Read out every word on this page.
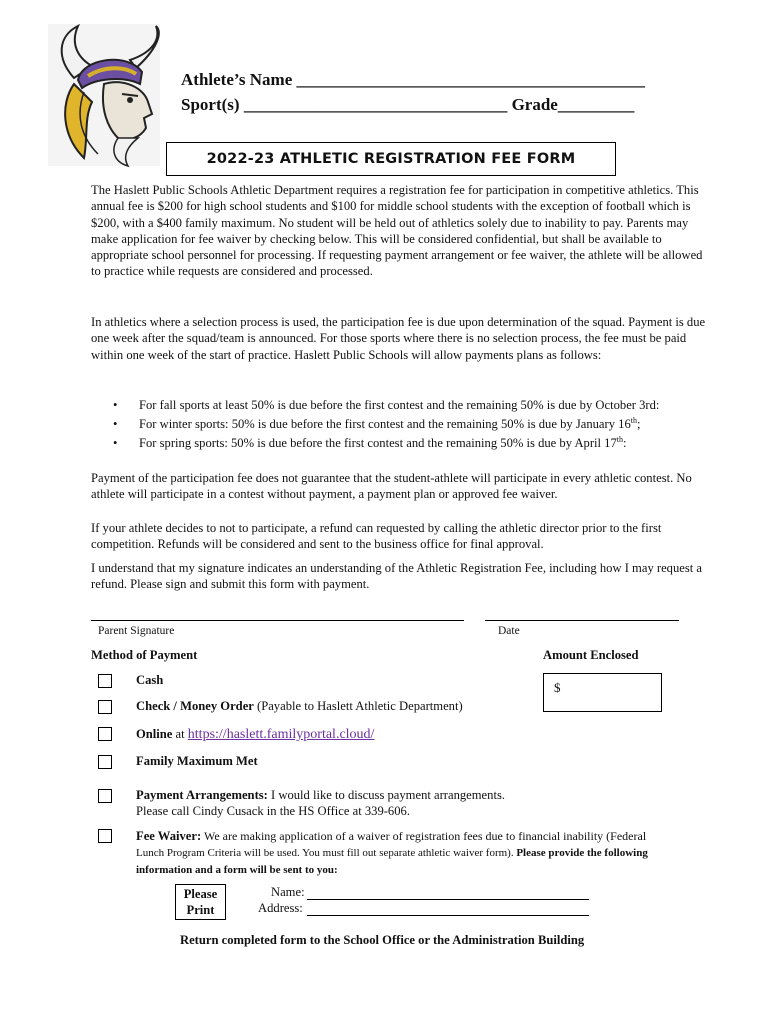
Athlete’s Name _________________________________________
Sport(s) _______________________________ Grade_________
2022-23 ATHLETIC REGISTRATION FEE FORM
The Haslett Public Schools Athletic Department requires a registration fee for participation in competitive athletics. This annual fee is $200 for high school students and $100 for middle school students with the exception of football which is $200, with a $400 family maximum. No student will be held out of athletics solely due to inability to pay. Parents may make application for fee waiver by checking below. This will be considered confidential, but shall be available to appropriate school personnel for processing. If requesting payment arrangement or fee waiver, the athlete will be allowed to practice while requests are considered and processed.
In athletics where a selection process is used, the participation fee is due upon determination of the squad. Payment is due one week after the squad/team is announced. For those sports where there is no selection process, the fee must be paid within one week of the start of practice. Haslett Public Schools will allow payments plans as follows:
• For fall sports at least 50% is due before the first contest and the remaining 50% is due by October 3rd:
• For winter sports: 50% is due before the first contest and the remaining 50% is due by January 16th;
• For spring sports: 50% is due before the first contest and the remaining 50% is due by April 17th:
Payment of the participation fee does not guarantee that the student-athlete will participate in every athletic contest. No athlete will participate in a contest without payment, a payment plan or approved fee waiver.
If your athlete decides to not to participate, a refund can requested by calling the athletic director prior to the first competition. Refunds will be considered and sent to the business office for final approval.
I understand that my signature indicates an understanding of the Athletic Registration Fee, including how I may request a refund. Please sign and submit this form with payment.
Parent Signature	Date
Method of Payment	Amount Enclosed
$
Cash
Check / Money Order (Payable to Haslett Athletic Department)
Online at https://haslett.familyportal.cloud/
Family Maximum Met
Payment Arrangements: I would like to discuss payment arrangements.
Please call Cindy Cusack in the HS Office at 339-606.
Fee Waiver: We are making application of a waiver of registration fees due to financial inability (Federal
Lunch Program Criteria will be used. You must fill out separate athletic waiver form). Please provide the following
information and a form will be sent to you:
Please
Print
Name:
Address:
Return completed form to the School Office or the Administration Building
